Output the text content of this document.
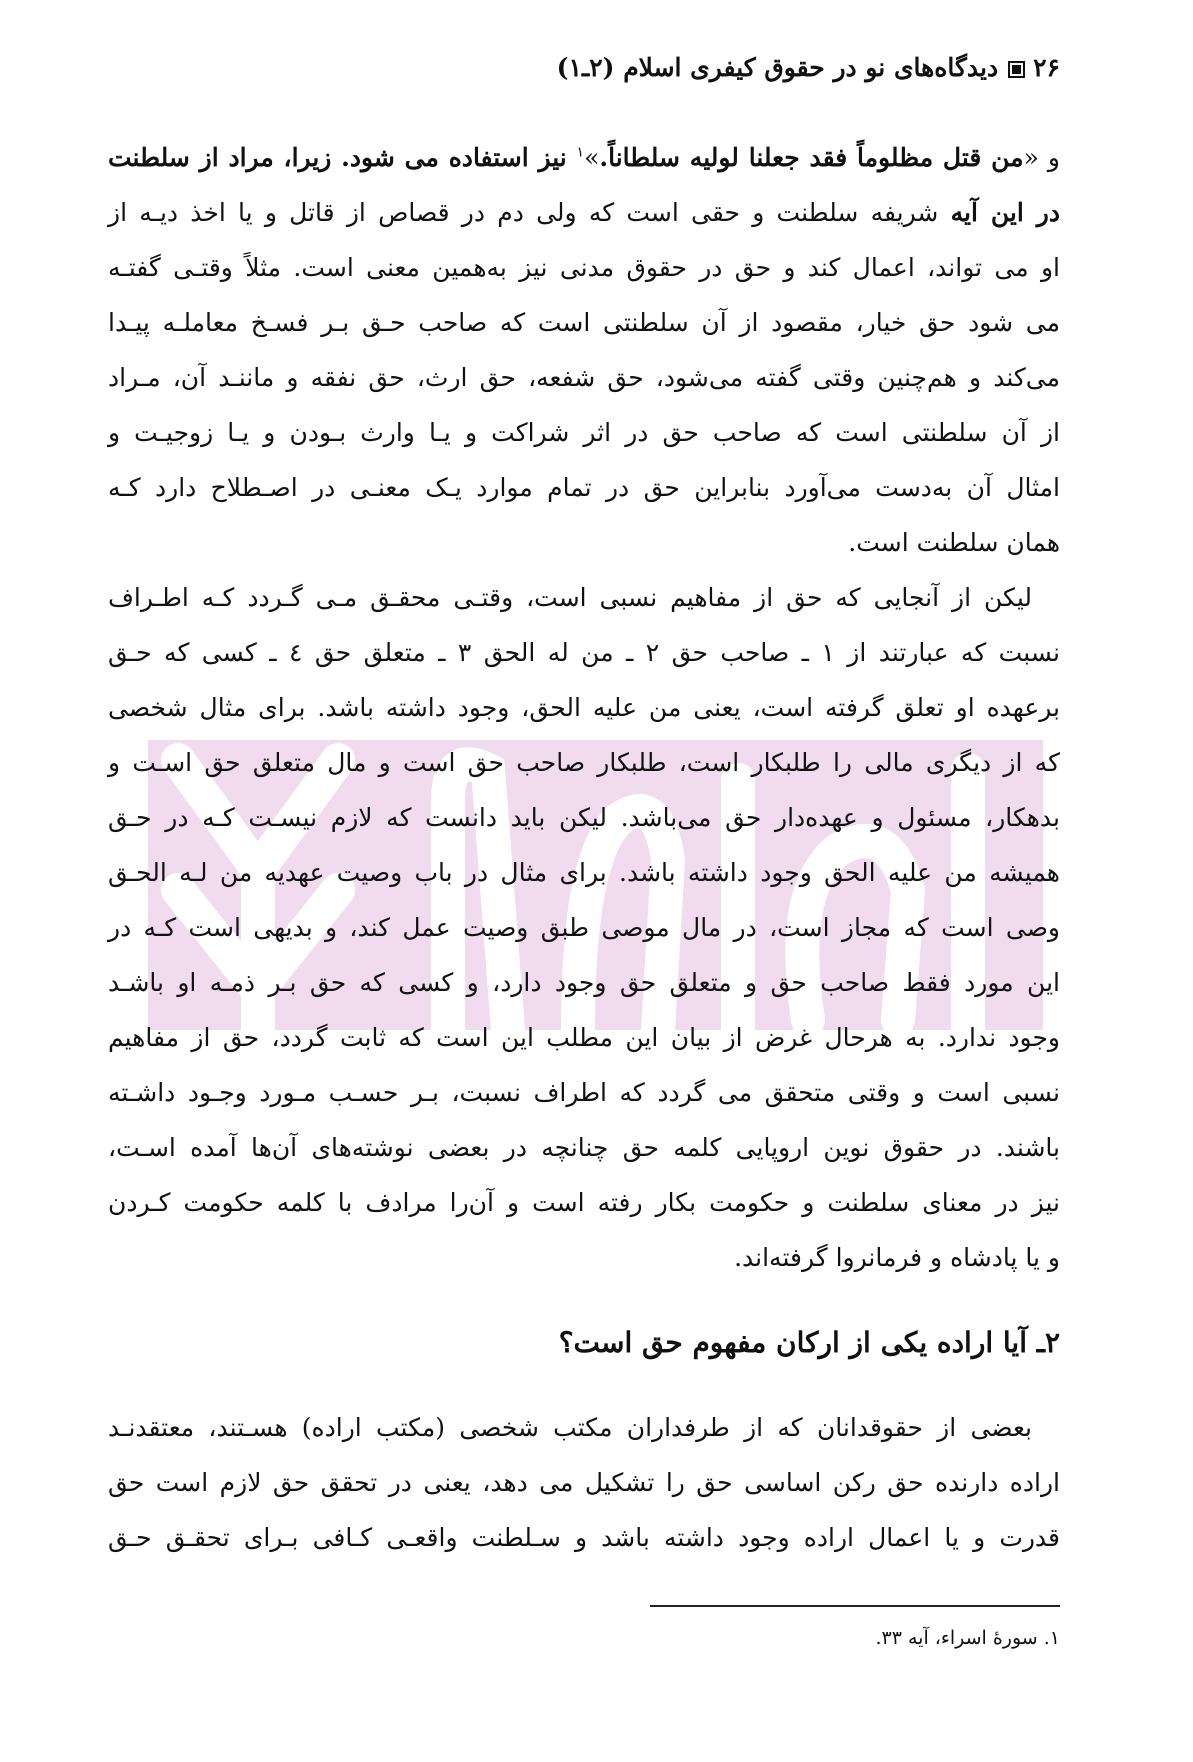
۲۶دیدگاه‌های نو در حقوق کیفری اسلام (۲ـ۱)
و «من قتل مظلوماً فقد جعلنا لولیه سلطاناً.»$^۱$ نیز استفاده می شود. زیرا، مراد از سلطنت
در این آیه شریفه سلطنت و حقی است که ولی دم در قصاص از قاتل و یا اخذ دیـه از
او می تواند، اعمال کند و حق در حقوق مدنی نیز به‌همین معنی است. مثلاً وقتـی گفتـه
می شود حق خیار، مقصود از آن سلطنتی است که صاحب حـق بـر فسـخ معاملـه پیـدا
می‌کند و هم‌چنین وقتی گفته می‌شود، حق شفعه، حق ارث، حق نفقه و ماننـد آن، مـراد
از آن سلطنتی است که صاحب حق در اثر شراکت و یـا وارث بـودن و یـا زوجیـت و
امثال آن به‌دست می‌آورد بنابراین حق در تمام موارد یـک معنـی در اصـطلاح دارد کـه
همان سلطنت است.
لیکن از آنجایی که حق از مفاهیم نسبی است، وقتـی محقـق مـی گـردد کـه اطـراف
نسبت که عبارتند از ۱ ـ صاحب حق ۲ ـ من له الحق ۳ ـ متعلق حق ٤ ـ کسی که حـق
برعهده او تعلق گرفته است، یعنی من علیه الحق، وجود داشته باشد. برای مثال شخصی
که از دیگری مالی را طلبکار است، طلبکار صاحب حق است و مال متعلق حق اسـت و
بدهکار، مسئول و عهده‌دار حق می‌باشد. لیکن باید دانست که لازم نیسـت کـه در حـق
همیشه من علیه الحق وجود داشته باشد. برای مثال در باب وصیت عهدیه من لـه الحـق
وصی است که مجاز است، در مال موصی طبق وصیت عمل کند، و بدیهی است کـه در
این مورد فقط صاحب حق و متعلق حق وجود دارد، و کسی که حق بـر ذمـه او باشـد
وجود ندارد. به هرحال غرض از بیان این مطلب این است که ثابت گردد، حق از مفاهیم
نسبی است و وقتی متحقق می گردد که اطراف نسبت، بـر حسـب مـورد وجـود داشـته
باشند. در حقوق نوین اروپایی کلمه حق چنانچه در بعضی نوشته‌های آن‌ها آمده اسـت،
نیز در معنای سلطنت و حکومت بکار رفته است و آن‌را مرادف با کلمه حکومت کـردن
و یا پادشاه و فرمانروا گرفته‌اند.
۲ـ آیا اراده یکی از ارکان مفهوم حق است؟
بعضی از حقوقدانان که از طرفداران مکتب شخصی (مکتب اراده) هسـتند، معتقدنـد
اراده دارنده حق رکن اساسی حق را تشکیل می دهد، یعنی در تحقق حق لازم است حق
قدرت و یا اعمال اراده وجود داشته باشد و سـلطنت واقعـی کـافی بـرای تحقـق حـق
۱. سورهٔ اسراء، آیه ۳۳.
